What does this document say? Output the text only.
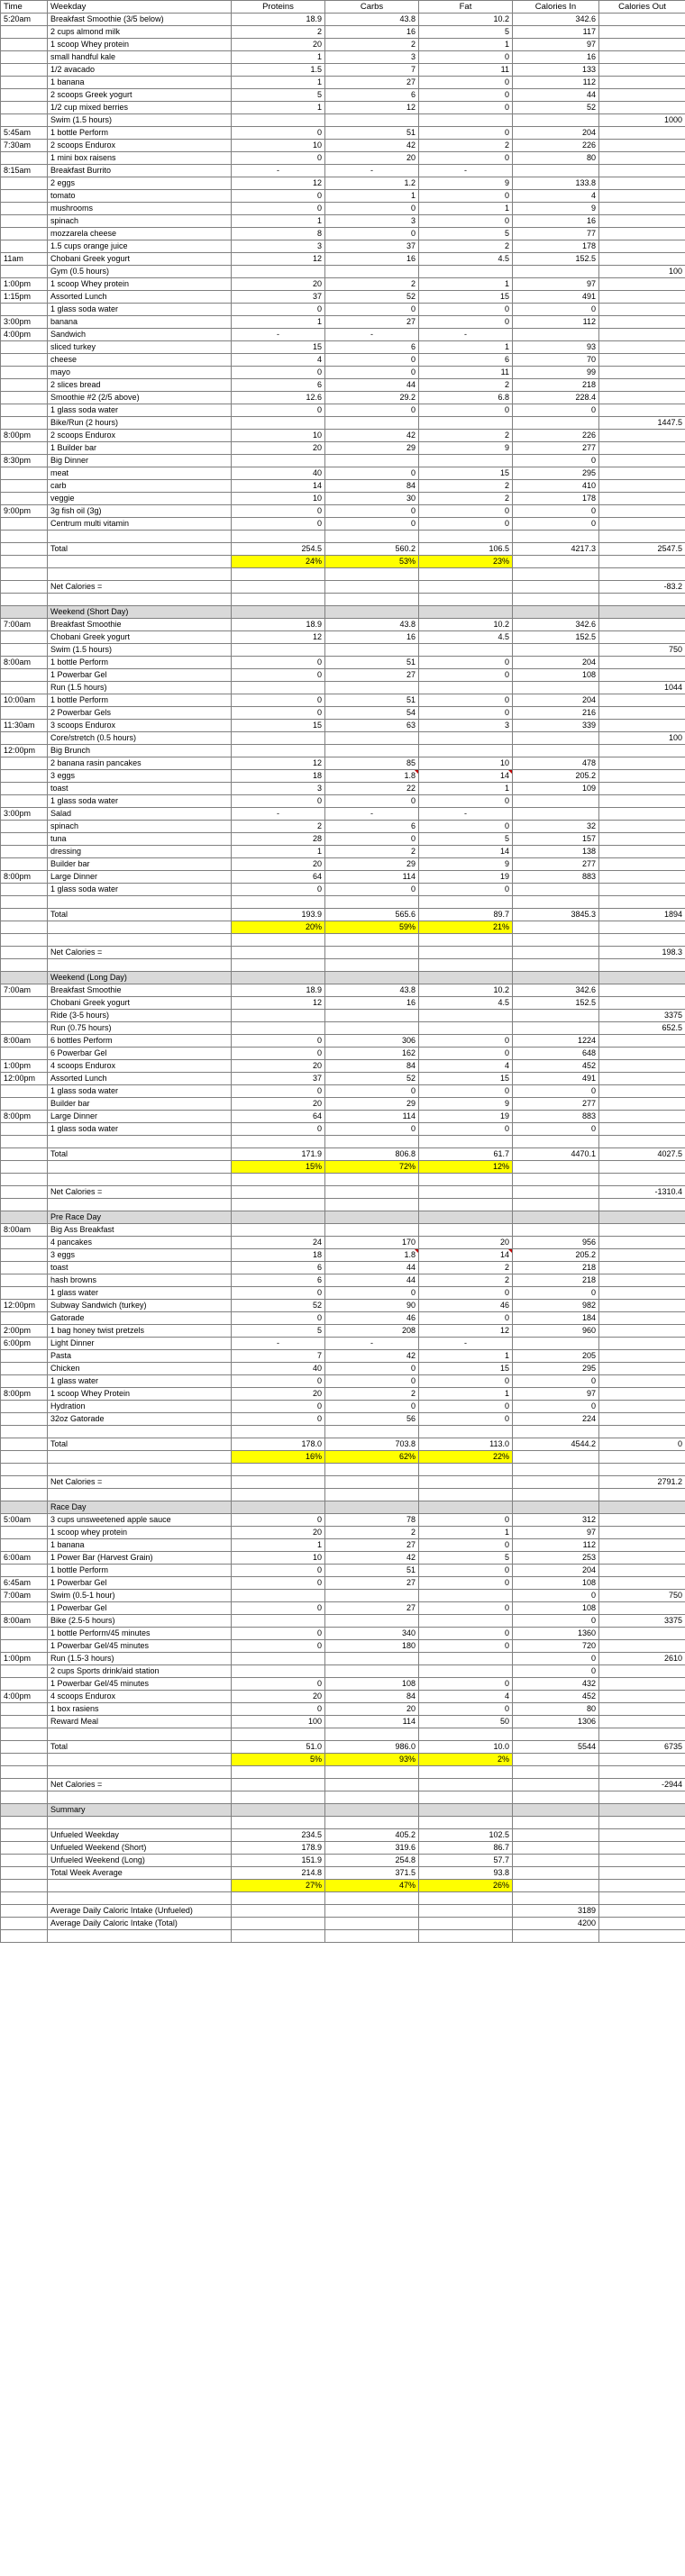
Time	Weekday	Proteins	Carbs	Fat	Calories In	Calories Out
5:20am	Breakfast Smoothie (3/5 below)	18.9	43.8	10.2	342.6	
	2 cups almond milk	2	16	5	117	
	1 scoop Whey protein	20	2	1	97	
	small handful kale	1	3	0	16	
	1/2 avacado	1.5	7	11	133	
	1 banana	1	27	0	112	
	2 scoops Greek yogurt	5	6	0	44	
	1/2 cup mixed berries	1	12	0	52	
	Swim (1.5 hours)					1000
5:45am	1 bottle Perform	0	51	0	204	
7:30am	2 scoops Endurox	10	42	2	226	
	1 mini box raisens	0	20	0	80	
8:15am	Breakfast Burrito	-	-	-		
	2 eggs	12	1.2	9	133.8	
	tomato	0	1	0	4	
	mushrooms	0	0	1	9	
	spinach	1	3	0	16	
	mozzarela cheese	8	0	5	77	
	1.5 cups orange juice	3	37	2	178	
11am	Chobani Greek yogurt	12	16	4.5	152.5	
	Gym (0.5 hours)					100
1:00pm	1 scoop Whey protein	20	2	1	97	
1:15pm	Assorted Lunch	37	52	15	491	
	1 glass soda water	0	0	0	0	
3:00pm	banana	1	27	0	112	
4:00pm	Sandwich	-	-	-		
	sliced turkey	15	6	1	93	
	cheese	4	0	6	70	
	mayo	0	0	11	99	
	2 slices bread	6	44	2	218	
	Smoothie #2 (2/5 above)	12.6	29.2	6.8	228.4	
	1 glass soda water	0	0	0	0	
	Bike/Run (2 hours)					1447.5
8:00pm	2 scoops Endurox	10	42	2	226	
	1 Builder bar	20	29	9	277	
8:30pm	Big Dinner				0	
	meat	40	0	15	295	
	carb	14	84	2	410	
	veggie	10	30	2	178	
9:00pm	3g fish oil (3g)	0	0	0	0	
	Centrum multi vitamin	0	0	0	0	

	Total	254.5	560.2	106.5	4217.3	2547.5
		24%	53%	23%		

	Net Calories =					-83.2

	Weekend (Short Day)					
7:00am	Breakfast Smoothie	18.9	43.8	10.2	342.6	
	Chobani Greek yogurt	12	16	4.5	152.5	
	Swim (1.5 hours)					750
8:00am	1 bottle Perform	0	51	0	204	
	1 Powerbar Gel	0	27	0	108	
	Run (1.5 hours)					1044
10:00am	1 bottle Perform	0	51	0	204	
	2 Powerbar Gels	0	54	0	216	
11:30am	3 scoops Endurox	15	63	3	339	
	Core/stretch (0.5 hours)					100
12:00pm	Big Brunch					
	2 banana rasin pancakes	12	85	10	478	
	3 eggs	18	1.8	14	205.2	
	toast	3	22	1	109	
	1 glass soda water	0	0	0		
3:00pm	Salad	-	-	-		
	spinach	2	6	0	32	
	tuna	28	0	5	157	
	dressing	1	2	14	138	
	Builder bar	20	29	9	277	
8:00pm	Large Dinner	64	114	19	883	
	1 glass soda water	0	0	0		

	Total	193.9	565.6	89.7	3845.3	1894
		20%	59%	21%		

	Net Calories =					198.3

	Weekend (Long Day)					
7:00am	Breakfast Smoothie	18.9	43.8	10.2	342.6	
	Chobani Greek yogurt	12	16	4.5	152.5	
	Ride (3-5 hours)					3375
	Run (0.75 hours)					652.5
8:00am	6 bottles Perform	0	306	0	1224	
	6 Powerbar Gel	0	162	0	648	
1:00pm	4 scoops Endurox	20	84	4	452	
12:00pm	Assorted Lunch	37	52	15	491	
	1 glass soda water	0	0	0	0	
	Builder bar	20	29	9	277	
8:00pm	Large Dinner	64	114	19	883	
	1 glass soda water	0	0	0	0	

	Total	171.9	806.8	61.7	4470.1	4027.5
		15%	72%	12%		

	Net Calories =					-1310.4

	Pre Race Day					
8:00am	Big Ass Breakfast					
	4 pancakes	24	170	20	956	
	3 eggs	18	1.8	14	205.2	
	toast	6	44	2	218	
	hash browns	6	44	2	218	
	1 glass water	0	0	0	0	
12:00pm	Subway Sandwich (turkey)	52	90	46	982	
	Gatorade	0	46	0	184	
2:00pm	1 bag honey twist pretzels	5	208	12	960	
6:00pm	Light Dinner	-	-	-		
	Pasta	7	42	1	205	
	Chicken	40	0	15	295	
	1 glass water	0	0	0	0	
8:00pm	1 scoop Whey Protein	20	2	1	97	
	Hydration	0	0	0	0	
	32oz Gatorade	0	56	0	224	

	Total	178.0	703.8	113.0	4544.2	0
		16%	62%	22%		

	Net Calories =					2791.2

	Race Day					
5:00am	3 cups unsweetened apple sauce	0	78	0	312	
	1 scoop whey protein	20	2	1	97	
	1 banana	1	27	0	112	
6:00am	1 Power Bar (Harvest Grain)	10	42	5	253	
	1 bottle Perform	0	51	0	204	
6:45am	1 Powerbar Gel	0	27	0	108	
7:00am	Swim (0.5-1 hour)				0	750
	1 Powerbar Gel	0	27	0	108	
8:00am	Bike (2.5-5 hours)				0	3375
	1 bottle Perform/45 minutes	0	340	0	1360	
	1 Powerbar Gel/45 minutes	0	180	0	720	
1:00pm	Run (1.5-3 hours)				0	2610
	2 cups Sports drink/aid station				0	
	1 Powerbar Gel/45 minutes	0	108	0	432	
4:00pm	4 scoops Endurox	20	84	4	452	
	1 box rasiens	0	20	0	80	
	Reward Meal	100	114	50	1306	

	Total	51.0	986.0	10.0	5544	6735
		5%	93%	2%		

	Net Calories =					-2944

	Summary					

	Unfueled Weekday	234.5	405.2	102.5		
	Unfueled Weekend (Short)	178.9	319.6	86.7		
	Unfueled Weekend (Long)	151.9	254.8	57.7		
	Total Week Average	214.8	371.5	93.8		
		27%	47%	26%		

	Average Daily Caloric Intake (Unfueled)				3189	
	Average Daily Caloric Intake (Total)				4200	
